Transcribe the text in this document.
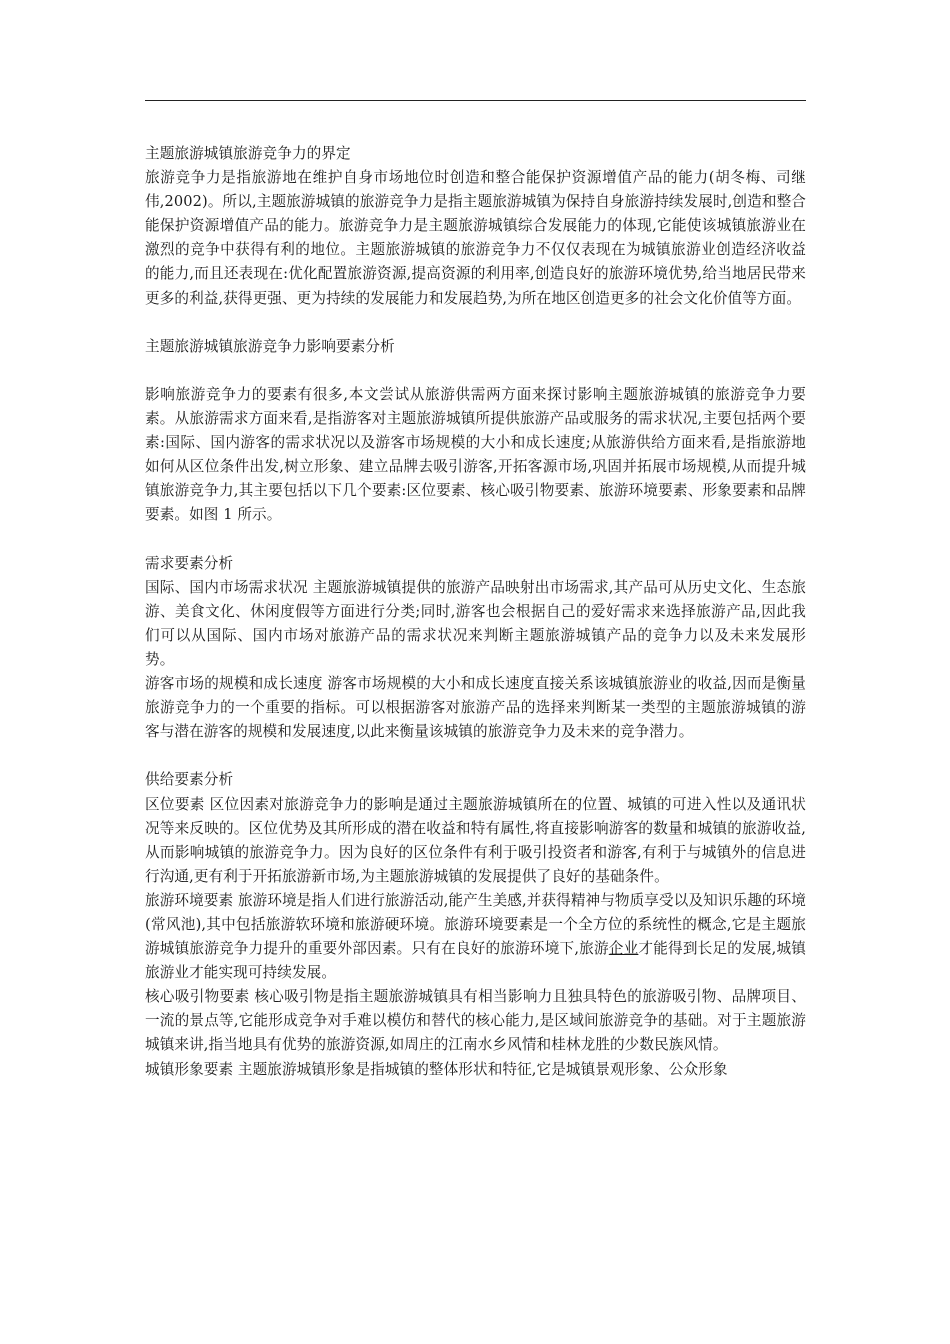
主题旅游城镇旅游竞争力的界定

旅游竞争力是指旅游地在维护自身市场地位时创造和整合能保护资源增值产品的能力(胡冬梅、司继伟,2002)。所以,主题旅游城镇的旅游竞争力是指主题旅游城镇为保持自身旅游持续发展时,创造和整合能保护资源增值产品的能力。旅游竞争力是主题旅游城镇综合发展能力的体现,它能使该城镇旅游业在激烈的竞争中获得有利的地位。主题旅游城镇的旅游竞争力不仅仅表现在为城镇旅游业创造经济收益的能力,而且还表现在:优化配置旅游资源,提高资源的利用率,创造良好的旅游环境优势,给当地居民带来更多的利益,获得更强、更为持续的发展能力和发展趋势,为所在地区创造更多的社会文化价值等方面。

主题旅游城镇旅游竞争力影响要素分析

影响旅游竞争力的要素有很多,本文尝试从旅游供需两方面来探讨影响主题旅游城镇的旅游竞争力要素。从旅游需求方面来看,是指游客对主题旅游城镇所提供旅游产品或服务的需求状况,主要包括两个要素:国际、国内游客的需求状况以及游客市场规模的大小和成长速度;从旅游供给方面来看,是指旅游地如何从区位条件出发,树立形象、建立品牌去吸引游客,开拓客源市场,巩固并拓展市场规模,从而提升城镇旅游竞争力,其主要包括以下几个要素:区位要素、核心吸引物要素、旅游环境要素、形象要素和品牌要素。如图 1 所示。

需求要素分析

国际、国内市场需求状况 主题旅游城镇提供的旅游产品映射出市场需求,其产品可从历史文化、生态旅游、美食文化、休闲度假等方面进行分类;同时,游客也会根据自己的爱好需求来选择旅游产品,因此我们可以从国际、国内市场对旅游产品的需求状况来判断主题旅游城镇产品的竞争力以及未来发展形势。

游客市场的规模和成长速度 游客市场规模的大小和成长速度直接关系该城镇旅游业的收益,因而是衡量旅游竞争力的一个重要的指标。可以根据游客对旅游产品的选择来判断某一类型的主题旅游城镇的游客与潜在游客的规模和发展速度,以此来衡量该城镇的旅游竞争力及未来的竞争潜力。

供给要素分析

区位要素 区位因素对旅游竞争力的影响是通过主题旅游城镇所在的位置、城镇的可进入性以及通讯状况等来反映的。区位优势及其所形成的潜在收益和特有属性,将直接影响游客的数量和城镇的旅游收益,从而影响城镇的旅游竞争力。因为良好的区位条件有利于吸引投资者和游客,有利于与城镇外的信息进行沟通,更有利于开拓旅游新市场,为主题旅游城镇的发展提供了良好的基础条件。

旅游环境要素 旅游环境是指人们进行旅游活动,能产生美感,并获得精神与物质享受以及知识乐趣的环境(常风池),其中包括旅游软环境和旅游硬环境。旅游环境要素是一个全方位的系统性的概念,它是主题旅游城镇旅游竞争力提升的重要外部因素。只有在良好的旅游环境下,旅游企业才能得到长足的发展,城镇旅游业才能实现可持续发展。

核心吸引物要素 核心吸引物是指主题旅游城镇具有相当影响力且独具特色的旅游吸引物、品牌项目、一流的景点等,它能形成竞争对手难以模仿和替代的核心能力,是区域间旅游竞争的基础。对于主题旅游城镇来讲,指当地具有优势的旅游资源,如周庄的江南水乡风情和桂林龙胜的少数民族风情。

城镇形象要素 主题旅游城镇形象是指城镇的整体形状和特征,它是城镇景观形象、公众形象
